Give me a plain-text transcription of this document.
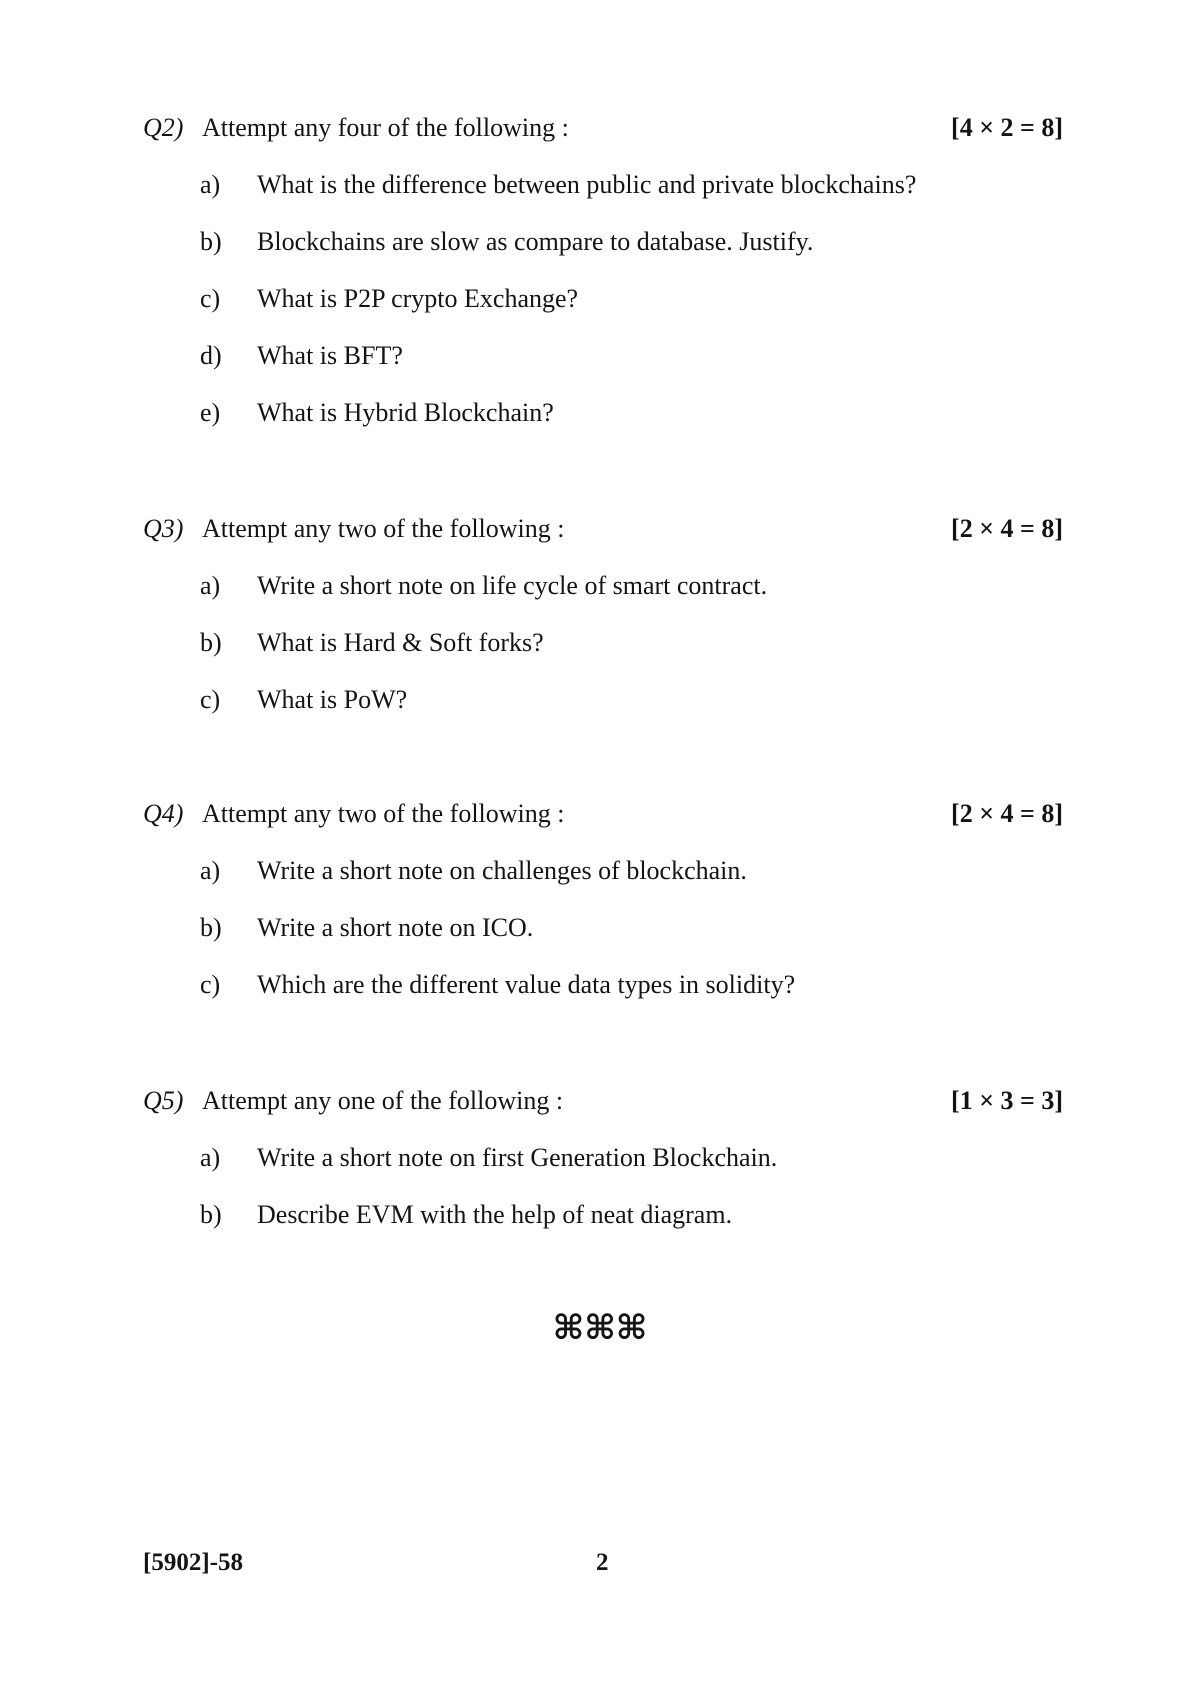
Q2) Attempt any four of the following :	[4 × 2 = 8]
a) What is the difference between public and private blockchains?
b) Blockchains are slow as compare to database. Justify.
c) What is P2P crypto Exchange?
d) What is BFT?
e) What is Hybrid Blockchain?
Q3) Attempt any two of the following :	[2 × 4 = 8]
a) Write a short note on life cycle of smart contract.
b) What is Hard & Soft forks?
c) What is PoW?
Q4) Attempt any two of the following :	[2 × 4 = 8]
a) Write a short note on challenges of blockchain.
b) Write a short note on ICO.
c) Which are the different value data types in solidity?
Q5) Attempt any one of the following :	[1 × 3 = 3]
a) Write a short note on first Generation Blockchain.
b) Describe EVM with the help of neat diagram.
⌘⌘⌘
[5902]-58	2
